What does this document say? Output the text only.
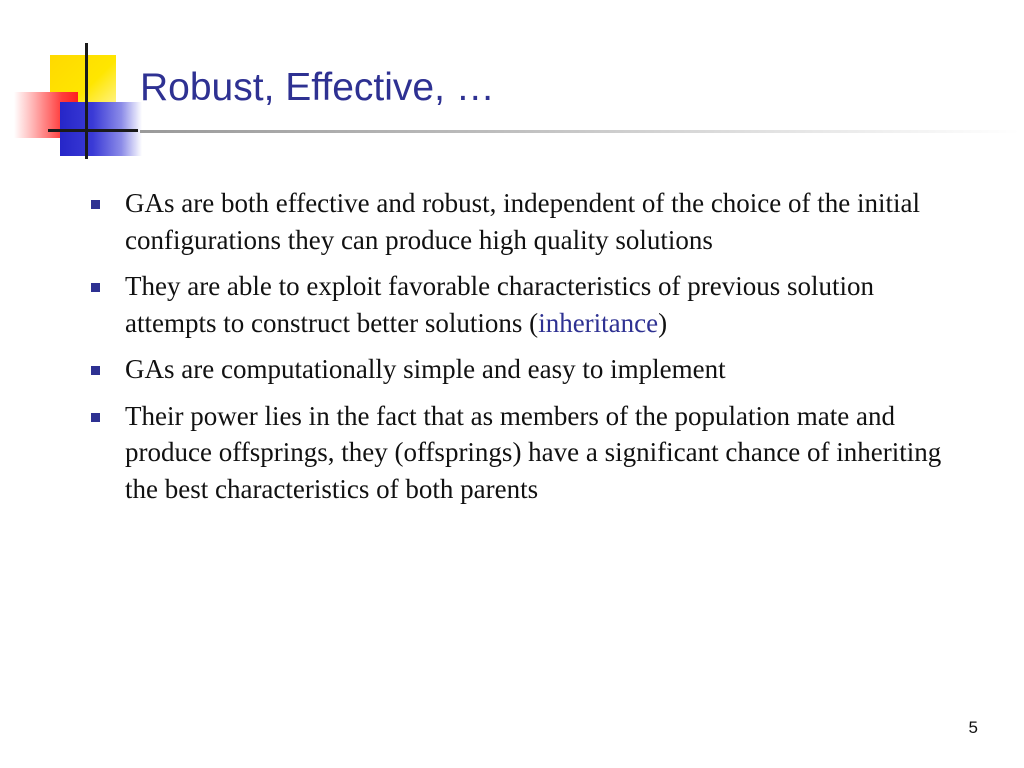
Robust, Effective, …
GAs are both effective and robust, independent of the choice of the initial configurations they can produce high quality solutions
They are able to exploit favorable characteristics of previous solution attempts to construct better solutions (inheritance)
GAs are computationally simple and easy to implement
Their power lies in the fact that as members of the population mate and produce offsprings, they (offsprings) have a significant chance of inheriting the best characteristics of both parents
5
